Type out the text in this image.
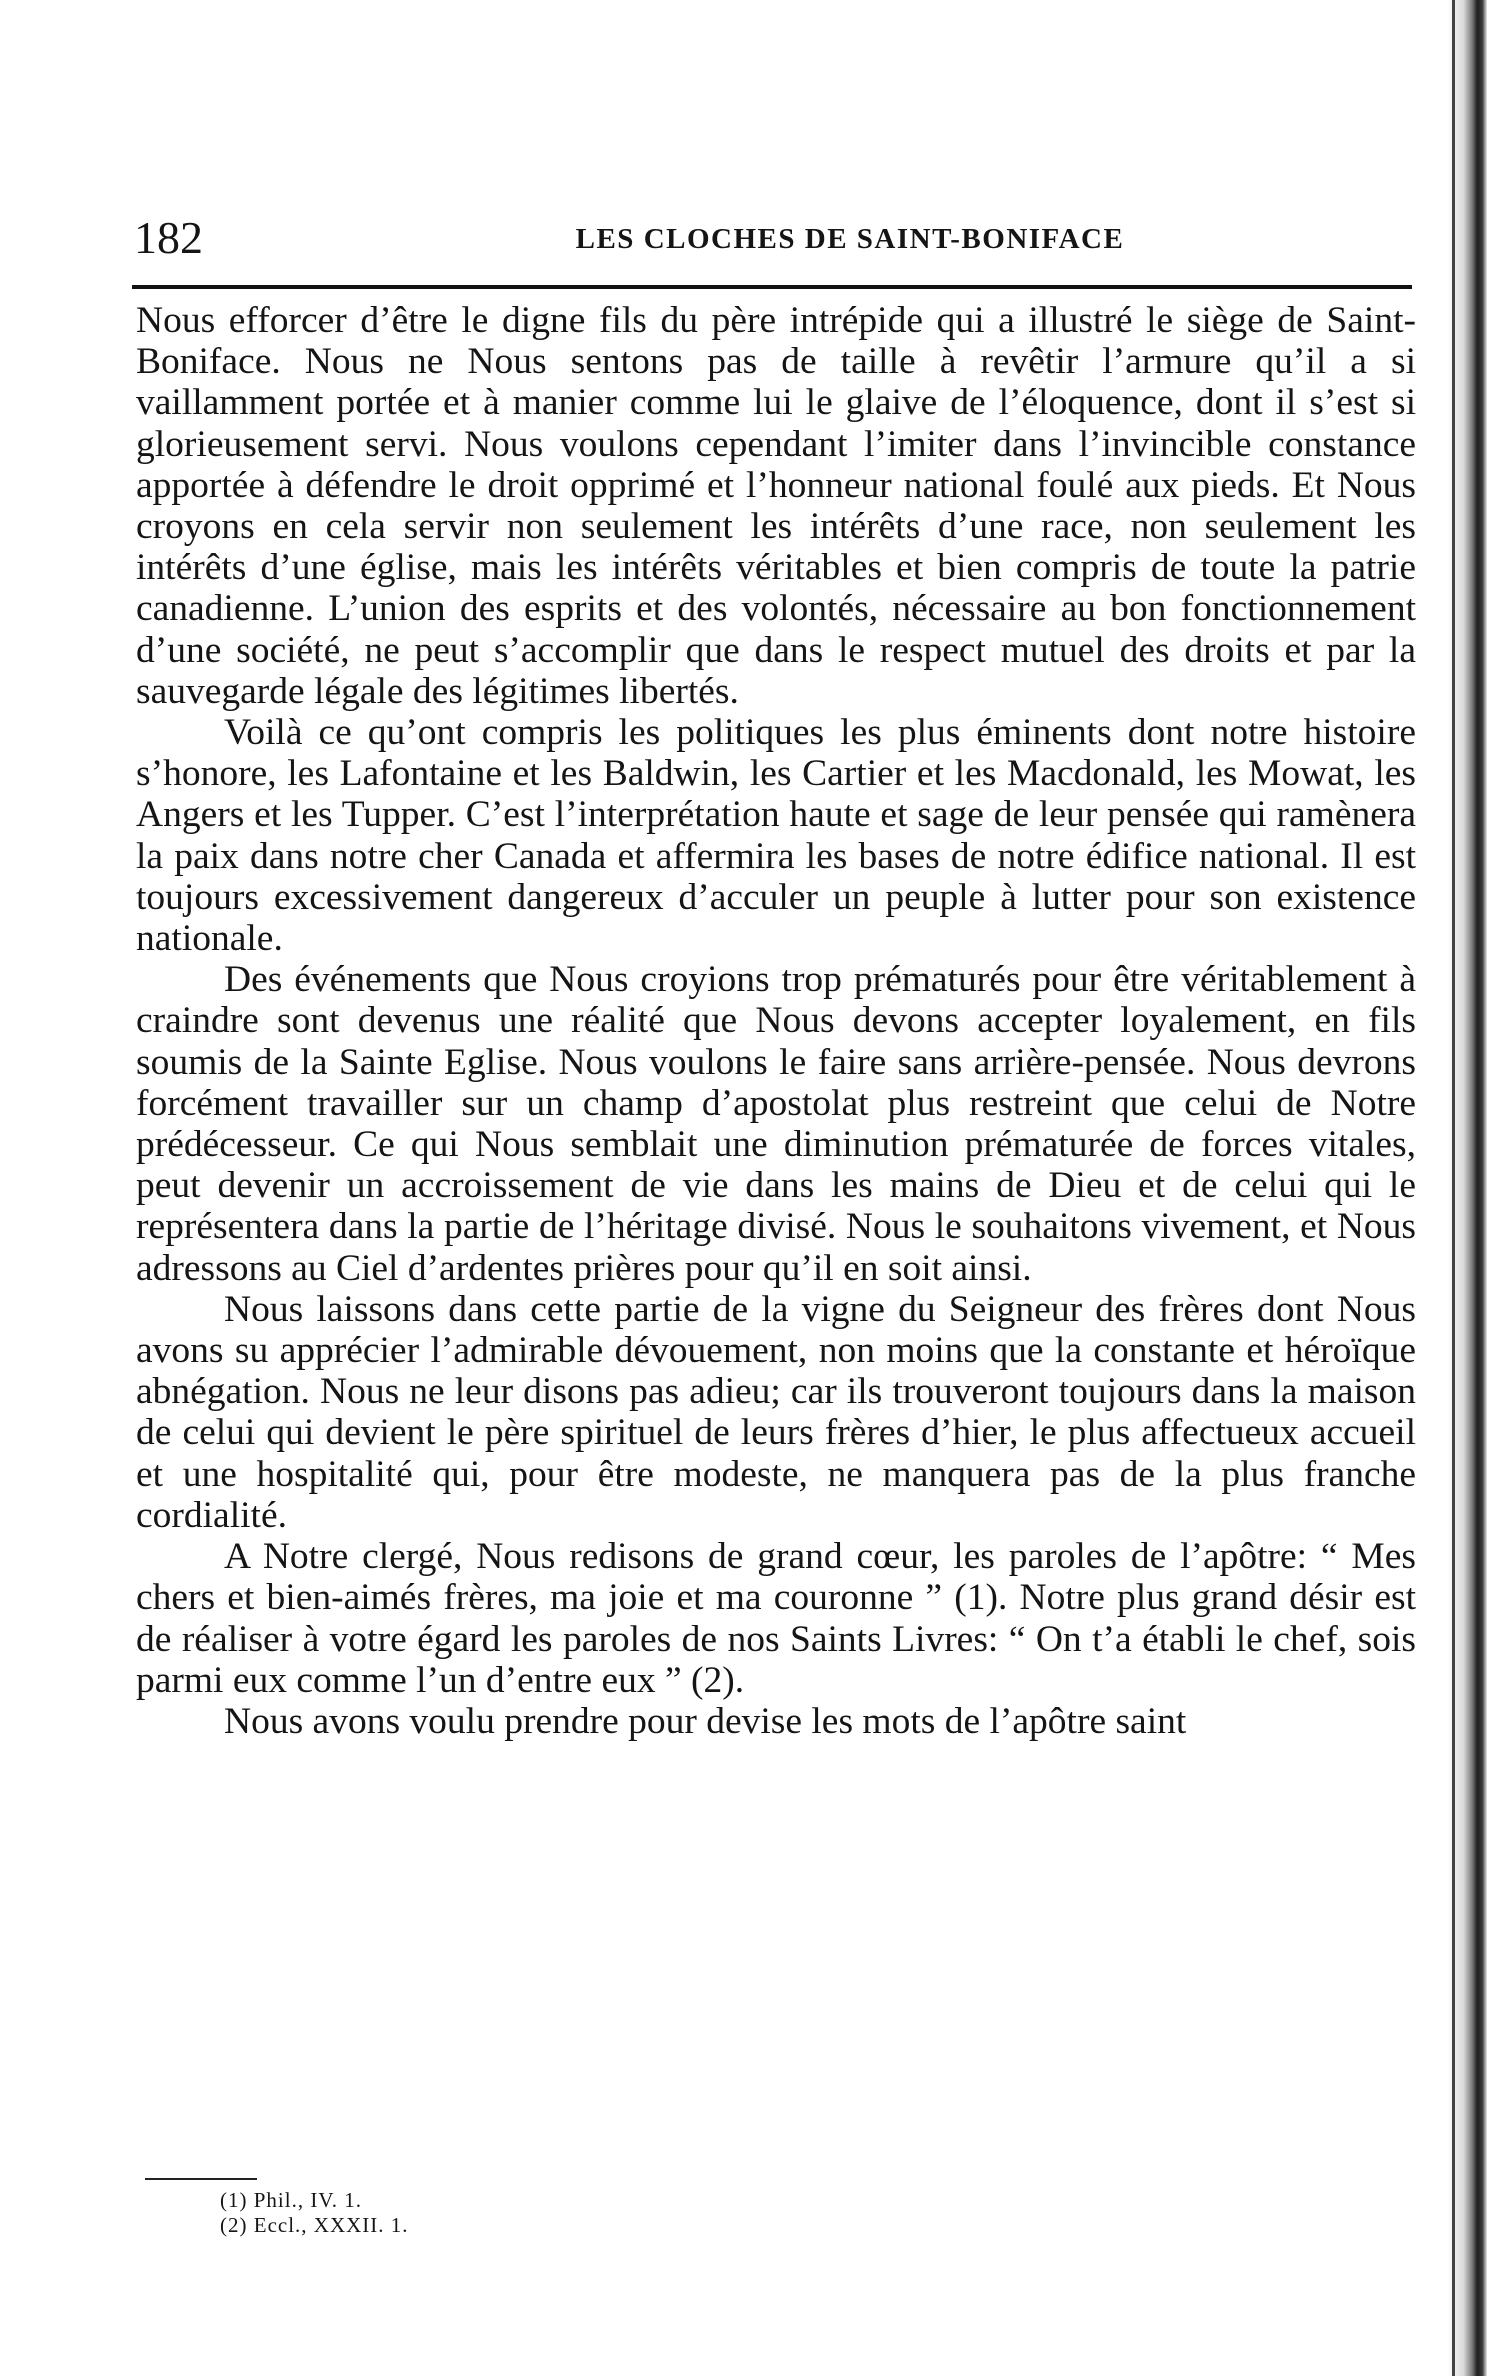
182	LES CLOCHES DE SAINT-BONIFACE

Nous efforcer d’être le digne fils du père intrépide qui a illustré le siège de Saint-Boniface. Nous ne Nous sentons pas de taille à revêtir l’armure qu’il a si vaillamment portée et à manier comme lui le glaive de l’éloquence, dont il s’est si glorieusement servi. Nous voulons cependant l’imiter dans l’invincible constance apportée à défendre le droit opprimé et l’honneur national foulé aux pieds. Et Nous croyons en cela servir non seulement les intérêts d’une race, non seulement les intérêts d’une église, mais les intérêts véritables et bien compris de toute la patrie canadienne. L’union des esprits et des volontés, nécessaire au bon fonctionnement d’une société, ne peut s’accomplir que dans le respect mutuel des droits et par la sauvegarde légale des légitimes libertés.

Voilà ce qu’ont compris les politiques les plus éminents dont notre histoire s’honore, les Lafontaine et les Baldwin, les Cartier et les Macdonald, les Mowat, les Angers et les Tupper. C’est l’interprétation haute et sage de leur pensée qui ramènera la paix dans notre cher Canada et affermira les bases de notre édifice national. Il est toujours excessivement dangereux d’acculer un peuple à lutter pour son existence nationale.

Des événements que Nous croyions trop prématurés pour être véritablement à craindre sont devenus une réalité que Nous devons accepter loyalement, en fils soumis de la Sainte Eglise. Nous voulons le faire sans arrière-pensée. Nous devrons forcément travailler sur un champ d’apostolat plus restreint que celui de Notre prédécesseur. Ce qui Nous semblait une diminution prématurée de forces vitales, peut devenir un accroissement de vie dans les mains de Dieu et de celui qui le représentera dans la partie de l’héritage divisé. Nous le souhaitons vivement, et Nous adressons au Ciel d’ardentes prières pour qu’il en soit ainsi.

Nous laissons dans cette partie de la vigne du Seigneur des frères dont Nous avons su apprécier l’admirable dévouement, non moins que la constante et héroïque abnégation. Nous ne leur disons pas adieu; car ils trouveront toujours dans la maison de celui qui devient le père spirituel de leurs frères d’hier, le plus affectueux accueil et une hospitalité qui, pour être modeste, ne manquera pas de la plus franche cordialité.

A Notre clergé, Nous redisons de grand cœur, les paroles de l’apôtre: “ Mes chers et bien-aimés frères, ma joie et ma couronne ” (1). Notre plus grand désir est de réaliser à votre égard les paroles de nos Saints Livres: “ On t’a établi le chef, sois parmi eux comme l’un d’entre eux ” (2).

Nous avons voulu prendre pour devise les mots de l’apôtre saint

(1) Phil., IV. 1.
(2) Eccl., XXXII. 1.
